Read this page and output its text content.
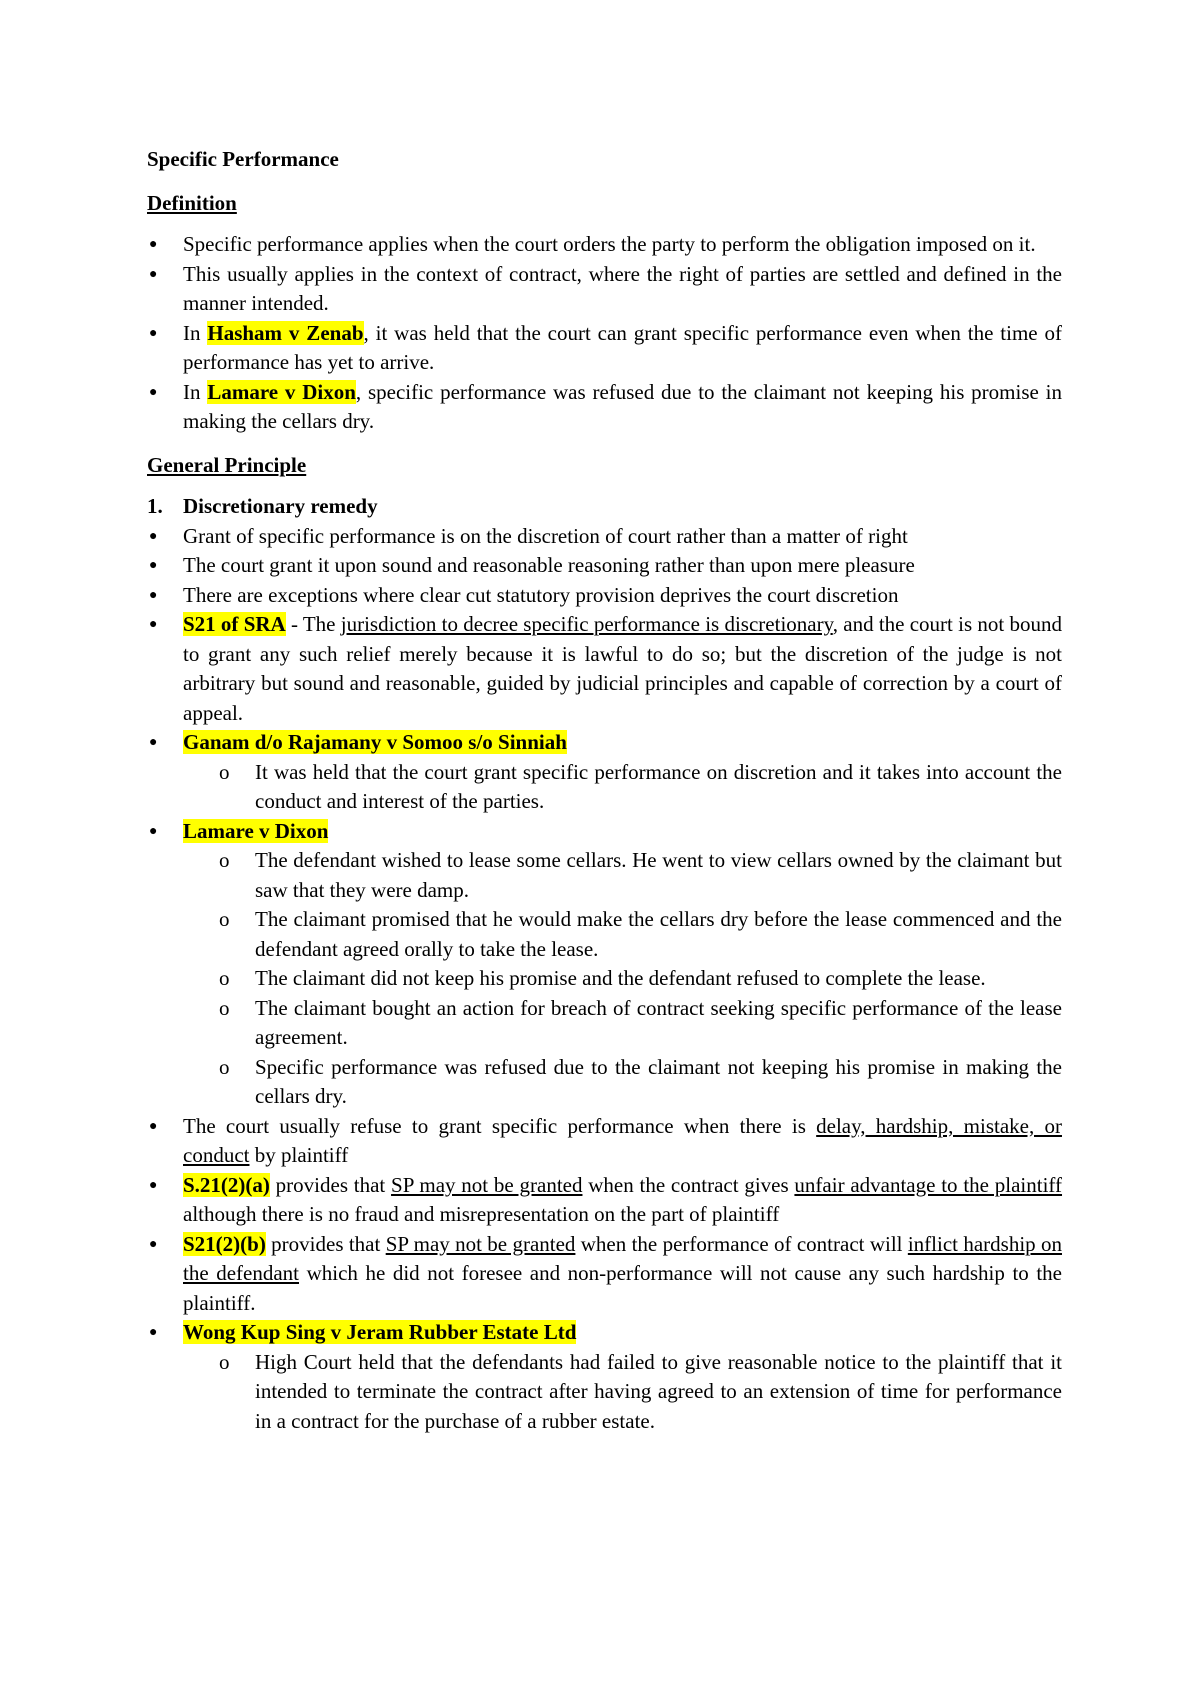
Specific Performance
Definition
● Specific performance applies when the court orders the party to perform the obligation imposed on it.
● This usually applies in the context of contract, where the right of parties are settled and defined in the manner intended.
● In Hasham v Zenab, it was held that the court can grant specific performance even when the time of performance has yet to arrive.
● In Lamare v Dixon, specific performance was refused due to the claimant not keeping his promise in making the cellars dry.
General Principle
1. Discretionary remedy
● Grant of specific performance is on the discretion of court rather than a matter of right
● The court grant it upon sound and reasonable reasoning rather than upon mere pleasure
● There are exceptions where clear cut statutory provision deprives the court discretion
● S21 of SRA - The jurisdiction to decree specific performance is discretionary, and the court is not bound to grant any such relief merely because it is lawful to do so; but the discretion of the judge is not arbitrary but sound and reasonable, guided by judicial principles and capable of correction by a court of appeal.
● Ganam d/o Rajamany v Somoo s/o Sinniah
o It was held that the court grant specific performance on discretion and it takes into account the conduct and interest of the parties.
● Lamare v Dixon
o The defendant wished to lease some cellars. He went to view cellars owned by the claimant but saw that they were damp.
o The claimant promised that he would make the cellars dry before the lease commenced and the defendant agreed orally to take the lease.
o The claimant did not keep his promise and the defendant refused to complete the lease.
o The claimant bought an action for breach of contract seeking specific performance of the lease agreement.
o Specific performance was refused due to the claimant not keeping his promise in making the cellars dry.
● The court usually refuse to grant specific performance when there is delay, hardship, mistake, or conduct by plaintiff
● S.21(2)(a) provides that SP may not be granted when the contract gives unfair advantage to the plaintiff although there is no fraud and misrepresentation on the part of plaintiff
● S21(2)(b) provides that SP may not be granted when the performance of contract will inflict hardship on the defendant which he did not foresee and non-performance will not cause any such hardship to the plaintiff.
● Wong Kup Sing v Jeram Rubber Estate Ltd
o High Court held that the defendants had failed to give reasonable notice to the plaintiff that it intended to terminate the contract after having agreed to an extension of time for performance in a contract for the purchase of a rubber estate.
